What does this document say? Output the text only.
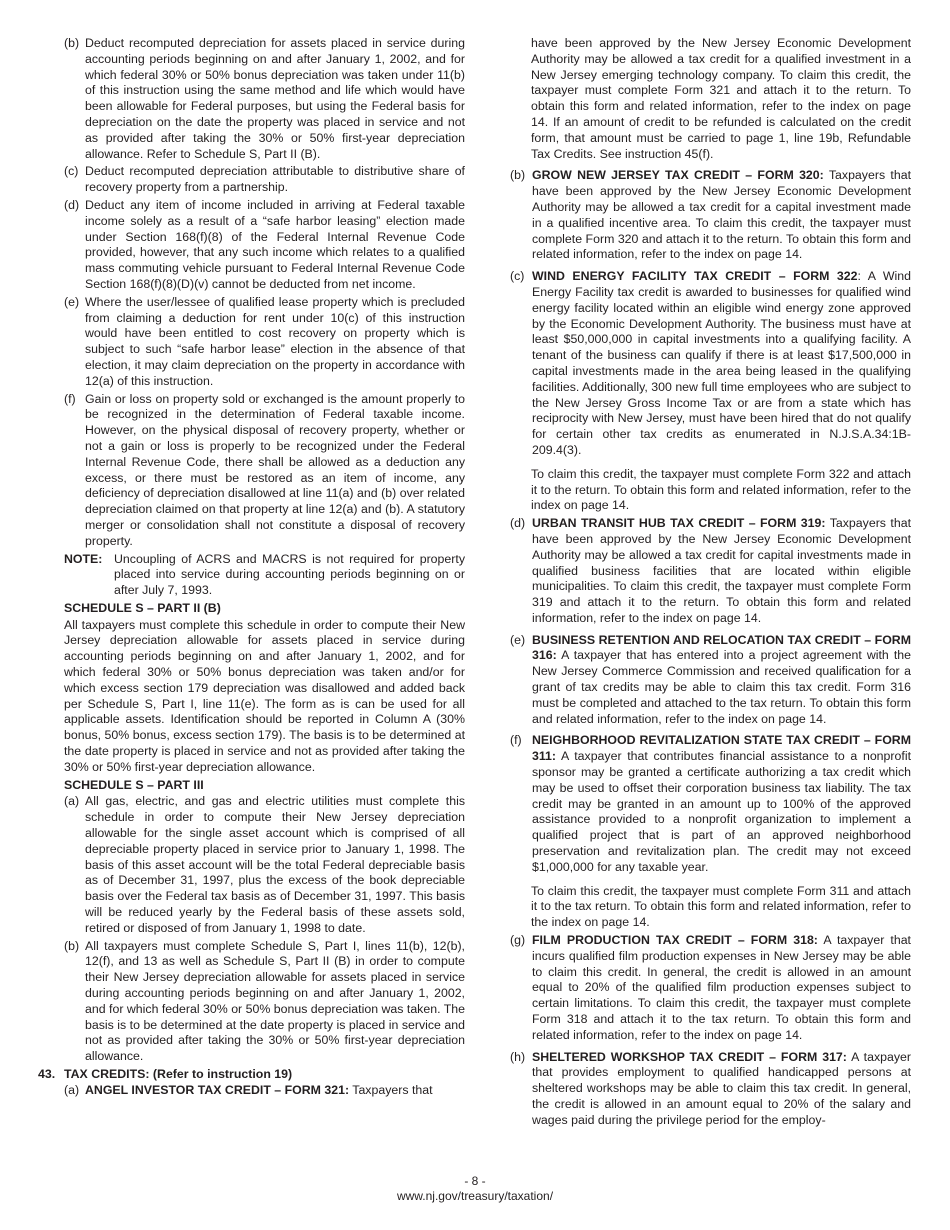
(b) Deduct recomputed depreciation for assets placed in service during accounting periods beginning on and after January 1, 2002, and for which federal 30% or 50% bonus depreciation was taken under 11(b) of this instruction using the same method and life which would have been allowable for Federal purposes, but using the Federal basis for depreciation on the date the property was placed in service and not as provided after taking the 30% or 50% first-year depreciation allowance. Refer to Schedule S, Part II (B).
(c) Deduct recomputed depreciation attributable to distributive share of recovery property from a partnership.
(d) Deduct any item of income included in arriving at Federal taxable income solely as a result of a “safe harbor leasing” election made under Section 168(f)(8) of the Federal Internal Revenue Code provided, however, that any such income which relates to a qualified mass commuting vehicle pursuant to Federal Internal Revenue Code Section 168(f)(8)(D)(v) cannot be deducted from net income.
(e) Where the user/lessee of qualified lease property which is precluded from claiming a deduction for rent under 10(c) of this instruction would have been entitled to cost recovery on property which is subject to such “safe harbor lease” election in the absence of that election, it may claim depreciation on the property in accordance with 12(a) of this instruction.
(f) Gain or loss on property sold or exchanged is the amount properly to be recognized in the determination of Federal taxable income. However, on the physical disposal of recovery property, whether or not a gain or loss is properly to be recognized under the Federal Internal Revenue Code, there shall be allowed as a deduction any excess, or there must be restored as an item of income, any deficiency of depreciation disallowed at line 11(a) and (b) over related depreciation claimed on that property at line 12(a) and (b). A statutory merger or consolidation shall not constitute a disposal of recovery property.
NOTE: Uncoupling of ACRS and MACRS is not required for property placed into service during accounting periods beginning on or after July 7, 1993.
SCHEDULE S – PART II (B)
All taxpayers must complete this schedule in order to compute their New Jersey depreciation allowable for assets placed in service during accounting periods beginning on and after January 1, 2002, and for which federal 30% or 50% bonus depreciation was taken and/or for which excess section 179 depreciation was disallowed and added back per Schedule S, Part I, line 11(e). The form as is can be used for all applicable assets. Identification should be reported in Column A (30% bonus, 50% bonus, excess section 179). The basis is to be determined at the date property is placed in service and not as provided after taking the 30% or 50% first-year depreciation allowance.
SCHEDULE S – PART III
(a) All gas, electric, and gas and electric utilities must complete this schedule in order to compute their New Jersey depreciation allowable for the single asset account which is comprised of all depreciable property placed in service prior to January 1, 1998. The basis of this asset account will be the total Federal depreciable basis as of December 31, 1997, plus the excess of the book depreciable basis over the Federal tax basis as of December 31, 1997. This basis will be reduced yearly by the Federal basis of these assets sold, retired or disposed of from January 1, 1998 to date.
(b) All taxpayers must complete Schedule S, Part I, lines 11(b), 12(b), 12(f), and 13 as well as Schedule S, Part II (B) in order to compute their New Jersey depreciation allowable for assets placed in service during accounting periods beginning on and after January 1, 2002, and for which federal 30% or 50% bonus depreciation was taken. The basis is to be determined at the date property is placed in service and not as provided after taking the 30% or 50% first-year depreciation allowance.
43. TAX CREDITS: (Refer to instruction 19)
(a) ANGEL INVESTOR TAX CREDIT – FORM 321: Taxpayers that
have been approved by the New Jersey Economic Development Authority may be allowed a tax credit for a qualified investment in a New Jersey emerging technology company. To claim this credit, the taxpayer must complete Form 321 and attach it to the return. To obtain this form and related information, refer to the index on page 14. If an amount of credit to be refunded is calculated on the credit form, that amount must be carried to page 1, line 19b, Refundable Tax Credits. See instruction 45(f).
(b) GROW NEW JERSEY TAX CREDIT – FORM 320: Taxpayers that have been approved by the New Jersey Economic Development Authority may be allowed a tax credit for a capital investment made in a qualified incentive area. To claim this credit, the taxpayer must complete Form 320 and attach it to the return. To obtain this form and related information, refer to the index on page 14.
(c) WIND ENERGY FACILITY TAX CREDIT – FORM 322: A Wind Energy Facility tax credit is awarded to businesses for qualified wind energy facility located within an eligible wind energy zone approved by the Economic Development Authority. The business must have at least $50,000,000 in capital investments into a qualifying facility. A tenant of the business can qualify if there is at least $17,500,000 in capital investments made in the area being leased in the qualifying facilities. Additionally, 300 new full time employees who are subject to the New Jersey Gross Income Tax or are from a state which has reciprocity with New Jersey, must have been hired that do not qualify for certain other tax credits as enumerated in N.J.S.A.34:1B-209.4(3).
To claim this credit, the taxpayer must complete Form 322 and attach it to the return. To obtain this form and related information, refer to the index on page 14.
(d) URBAN TRANSIT HUB TAX CREDIT – FORM 319: Taxpayers that have been approved by the New Jersey Economic Development Authority may be allowed a tax credit for capital investments made in qualified business facilities that are located within eligible municipalities. To claim this credit, the taxpayer must complete Form 319 and attach it to the return. To obtain this form and related information, refer to the index on page 14.
(e) BUSINESS RETENTION AND RELOCATION TAX CREDIT – FORM 316: A taxpayer that has entered into a project agreement with the New Jersey Commerce Commission and received qualification for a grant of tax credits may be able to claim this tax credit. Form 316 must be completed and attached to the tax return. To obtain this form and related information, refer to the index on page 14.
(f) NEIGHBORHOOD REVITALIZATION STATE TAX CREDIT – FORM 311: A taxpayer that contributes financial assistance to a nonprofit sponsor may be granted a certificate authorizing a tax credit which may be used to offset their corporation business tax liability. The tax credit may be granted in an amount up to 100% of the approved assistance provided to a nonprofit organization to implement a qualified project that is part of an approved neighborhood preservation and revitalization plan. The credit may not exceed $1,000,000 for any taxable year.
To claim this credit, the taxpayer must complete Form 311 and attach it to the tax return. To obtain this form and related information, refer to the index on page 14.
(g) FILM PRODUCTION TAX CREDIT – FORM 318: A taxpayer that incurs qualified film production expenses in New Jersey may be able to claim this credit. In general, the credit is allowed in an amount equal to 20% of the qualified film production expenses subject to certain limitations. To claim this credit, the taxpayer must complete Form 318 and attach it to the tax return. To obtain this form and related information, refer to the index on page 14.
(h) SHELTERED WORKSHOP TAX CREDIT – FORM 317: A taxpayer that provides employment to qualified handicapped persons at sheltered workshops may be able to claim this tax credit. In general, the credit is allowed in an amount equal to 20% of the salary and wages paid during the privilege period for the employ-
- 8 -
www.nj.gov/treasury/taxation/
